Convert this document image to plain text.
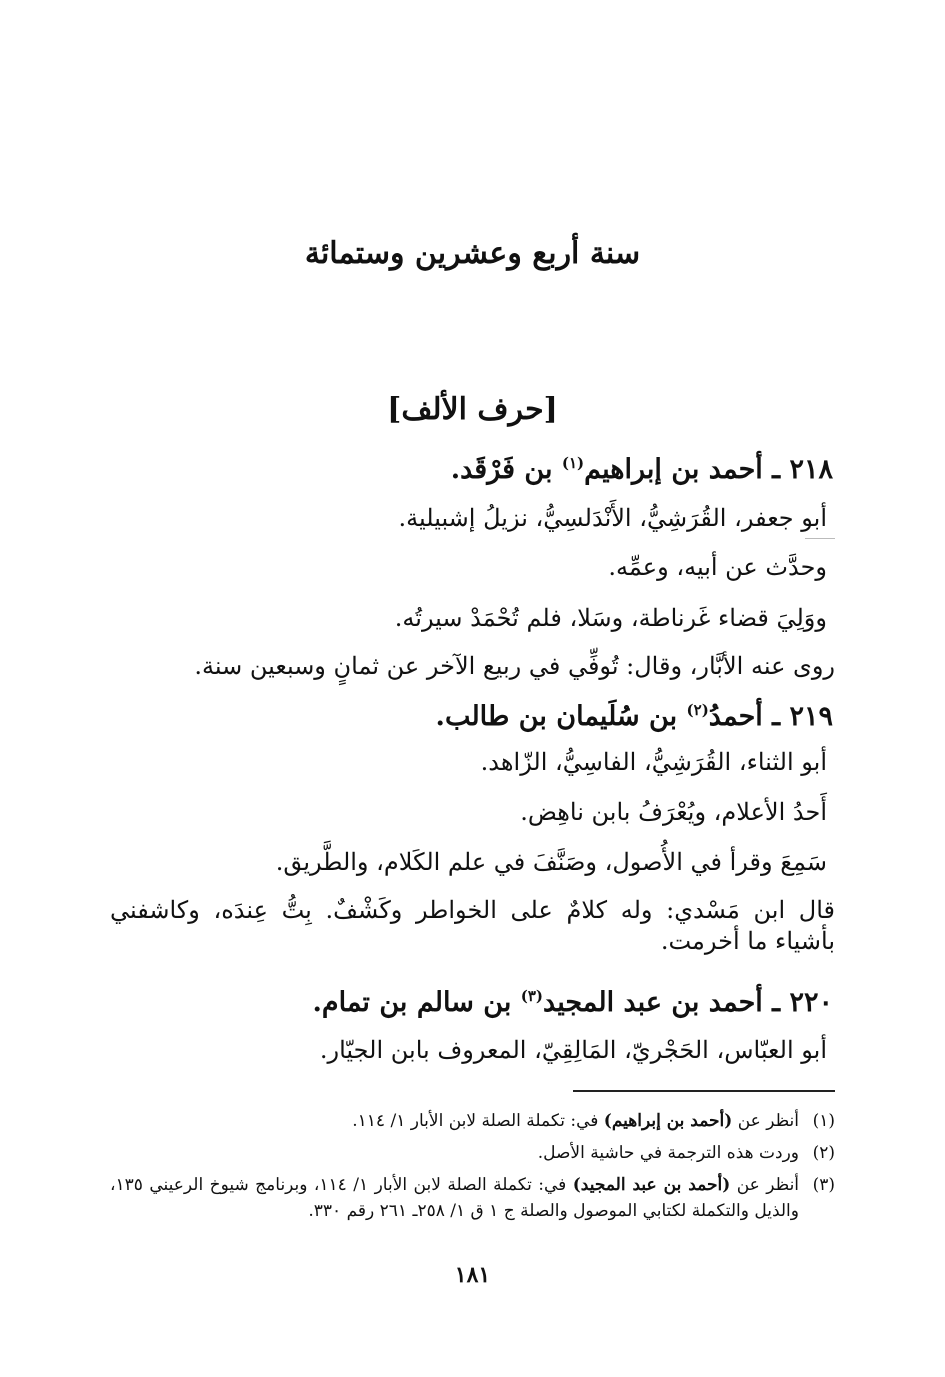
سنة أربع وعشرين وستمائة
[حرف الألف]
٢١٨ ـ أحمد بن إبراهيم$^{(١)}$ بن فَرْقَد.
أبو جعفر، القُرَشِيُّ، الأَنْدَلسِيُّ، نزيلُ إشبيلية.
وحدَّث عن أبيه، وعمِّه.
ووَلِيَ قضاء غَرناطة، وسَلا، فلم تُحْمَدْ سيرتُه.
روى عنه الأبَّار، وقال: تُوفِّي في ربيع الآخر عن ثمانٍ وسبعين سنة.
٢١٩ ـ أحمدُ$^{(٢)}$ بن سُلَيمان بن طالب.
أبو الثناء، القُرَشِيُّ، الفاسِيُّ، الزّاهد.
أَحدُ الأعلام، ويُعْرَفُ بابن ناهِض.
سَمِعَ وقرأ في الأُصول، وصَنَّفَ في علم الكَلام، والطَّريق.
قال ابن مَسْدي: وله كلامٌ على الخواطر وكَشْفٌ. بِتُّ عِندَه، وكاشفني بأشياء ما أخرمت.
٢٢٠ ـ أحمد بن عبد المجيد$^{(٣)}$ بن سالم بن تمام.
أبو العبّاس، الحَجْريّ، المَالِقِيّ، المعروف بابن الجيّار.
(١)
أنظر عن (أحمد بن إبراهيم) في: تكملة الصلة لابن الأبار ١/ ١١٤.
(٢)
وردت هذه الترجمة في حاشية الأصل.
(٣)
أنظر عن (أحمد بن عبد المجيد) في: تكملة الصلة لابن الأبار ١/ ١١٤، وبرنامج شيوخ الرعيني ١٣٥، والذيل والتكملة لكتابي الموصول والصلة ج ١ ق ١/ ٢٥٨ـ ٢٦١ رقم ٣٣٠.
١٨١
